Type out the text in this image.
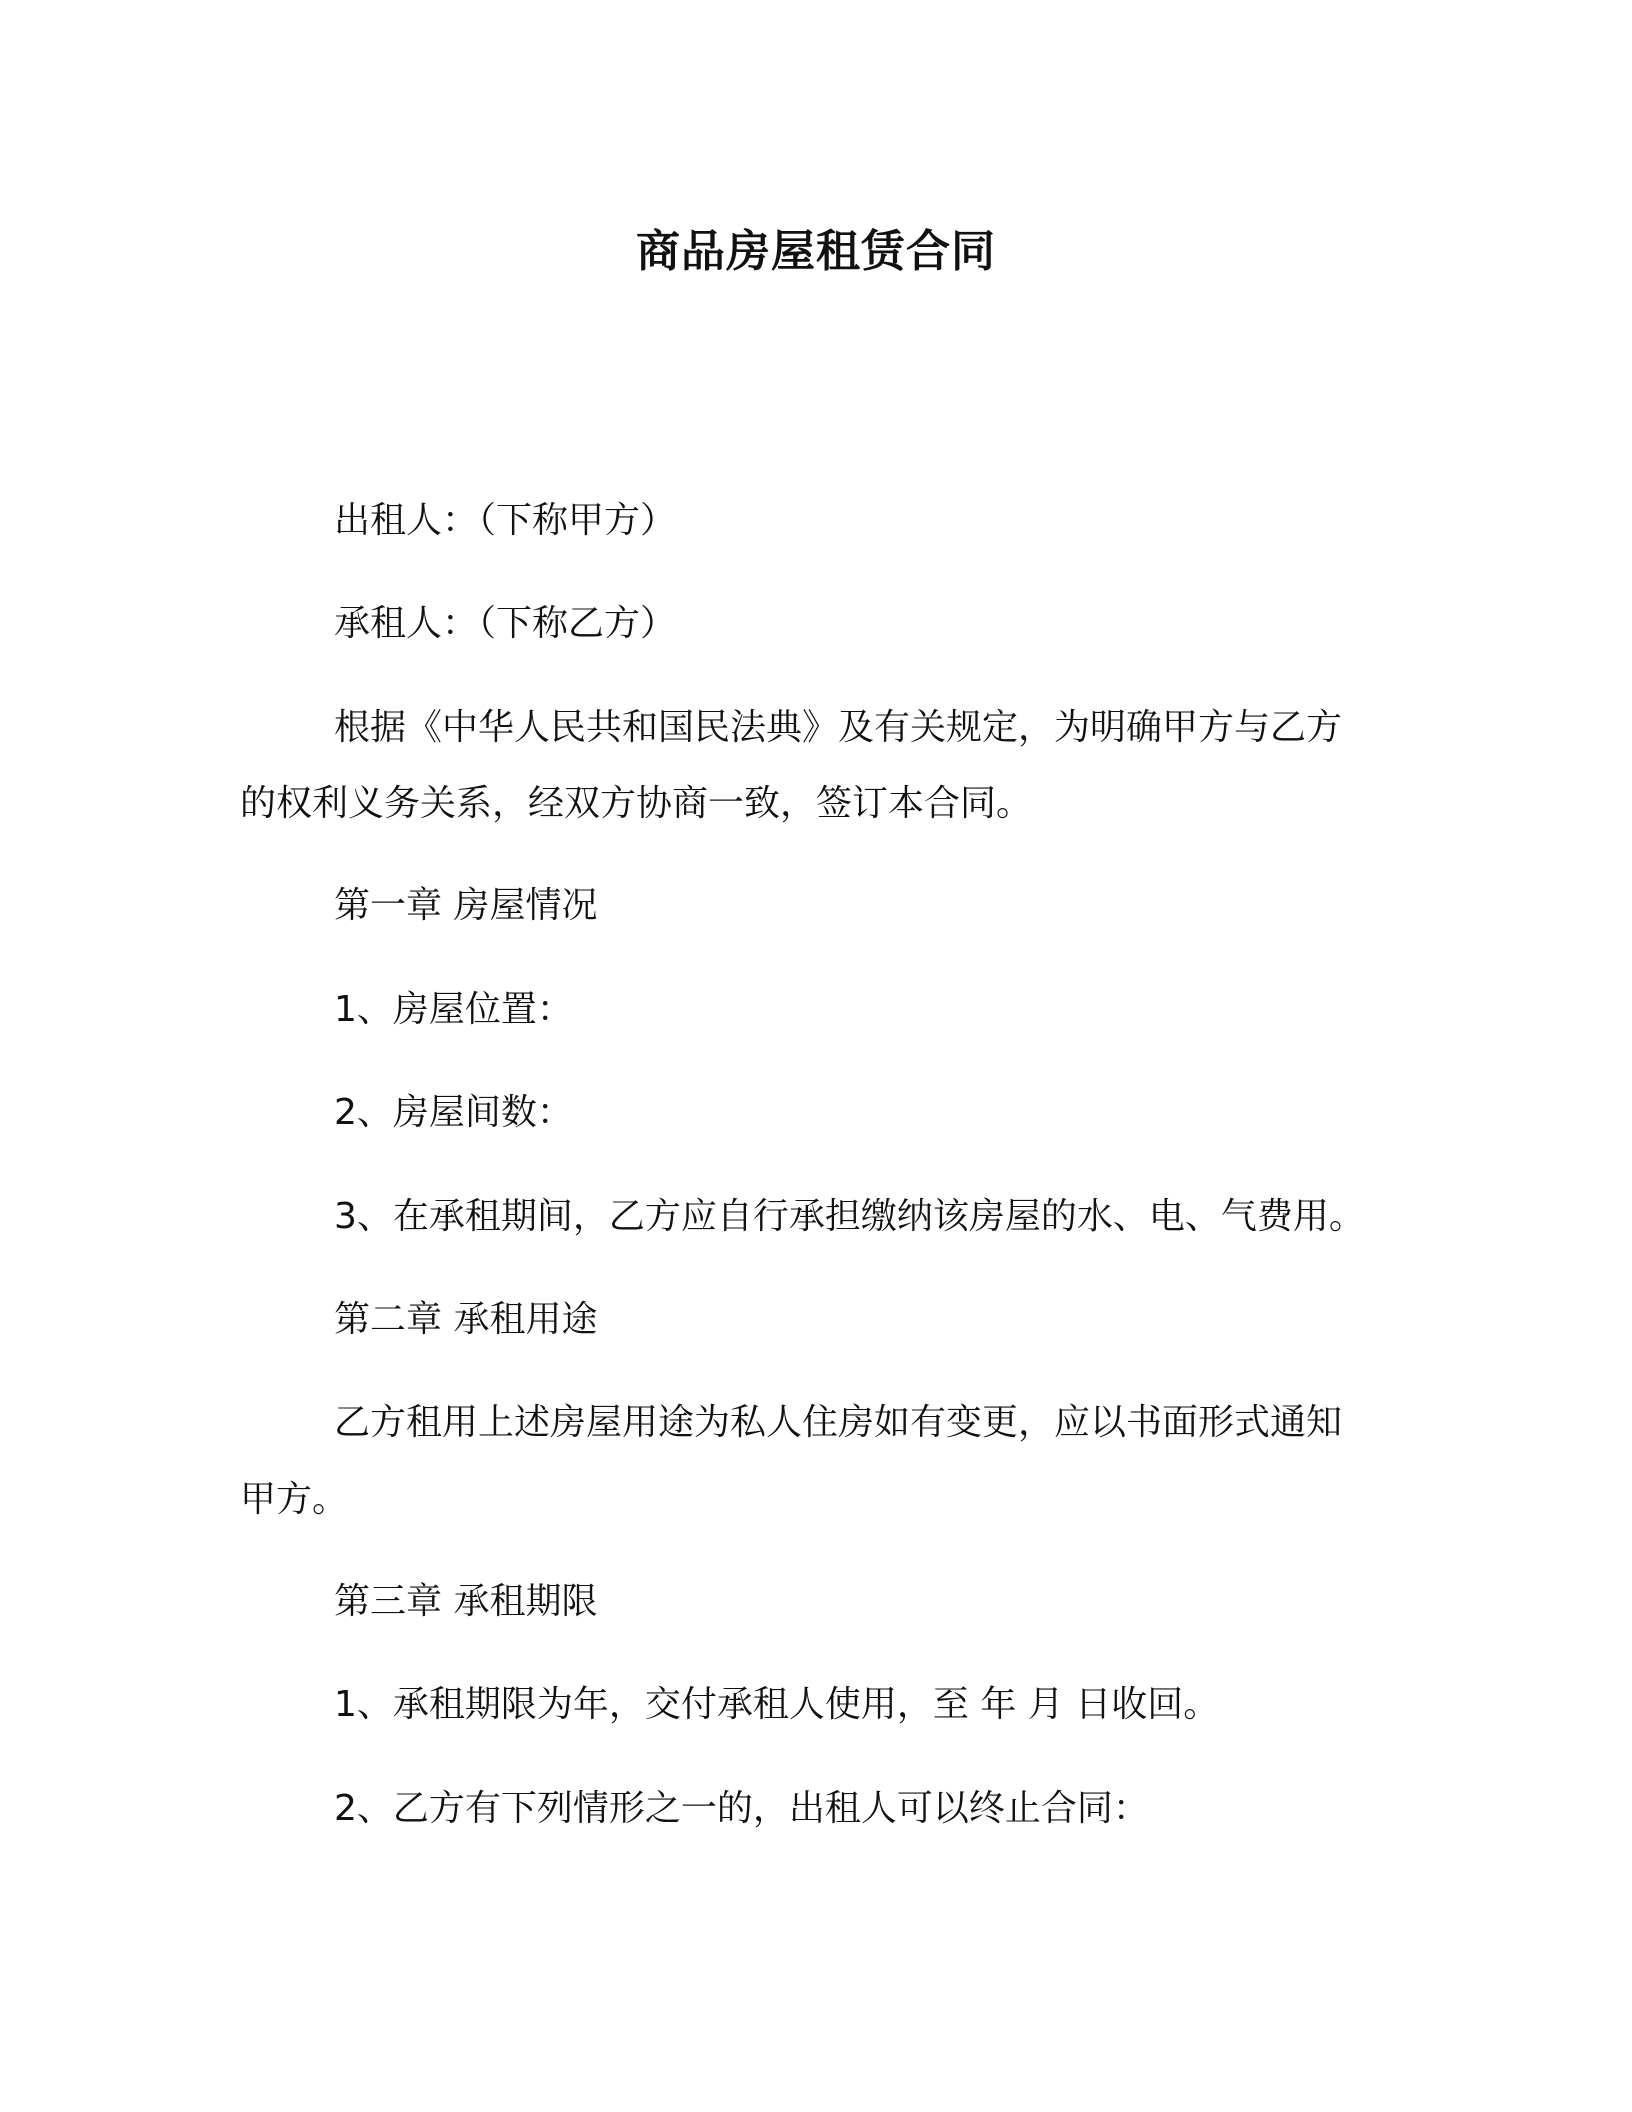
商品房屋租赁合同
出租人：（下称甲方）
承租人：（下称乙方）
根据《中华人民共和国民法典》及有关规定，为明确甲方与乙方
的权利义务关系，经双方协商一致，签订本合同。
第一章 房屋情况
1、房屋位置：
2、房屋间数：
3、在承租期间，乙方应自行承担缴纳该房屋的水、电、气费用。
第二章 承租用途
乙方租用上述房屋用途为私人住房如有变更，应以书面形式通知
甲方。
第三章 承租期限
1、承租期限为年，交付承租人使用，至 年 月 日收回。
2、乙方有下列情形之一的，出租人可以终止合同：
